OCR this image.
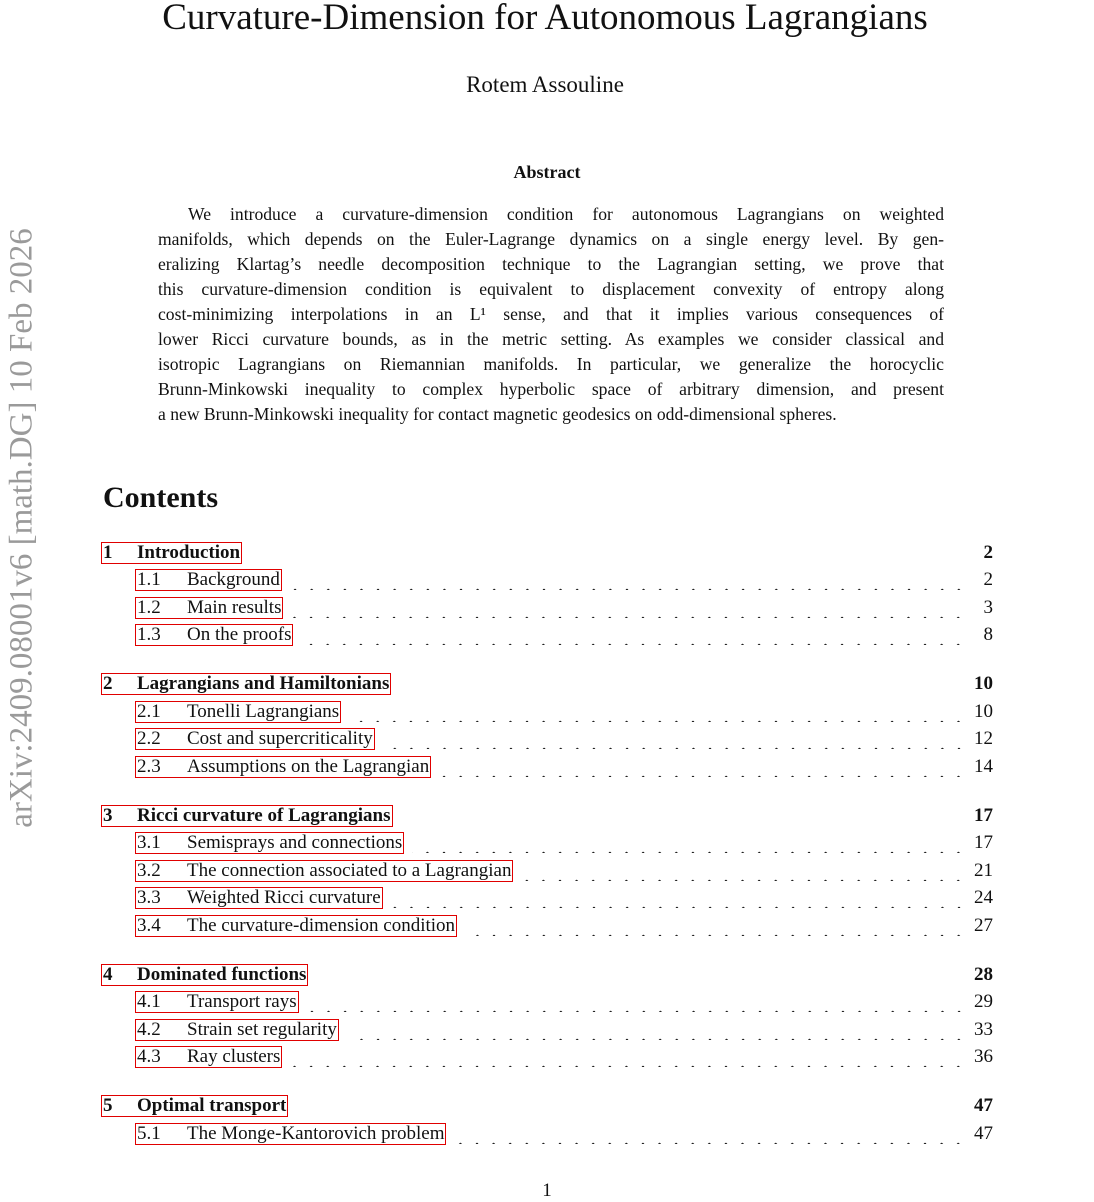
arXiv:2409.08001v6 [math.DG] 10 Feb 2026
Curvature-Dimension for Autonomous Lagrangians
Rotem Assouline
Abstract
We introduce a curvature-dimension condition for autonomous Lagrangians on weighted
manifolds, which depends on the Euler-Lagrange dynamics on a single energy level. By gen-
eralizing Klartag’s needle decomposition technique to the Lagrangian setting, we prove that
this curvature-dimension condition is equivalent to displacement convexity of entropy along
cost-minimizing interpolations in an L¹ sense, and that it implies various consequences of
lower Ricci curvature bounds, as in the metric setting. As examples we consider classical and
isotropic Lagrangians on Riemannian manifolds. In particular, we generalize the horocyclic
Brunn-Minkowski inequality to complex hyperbolic space of arbitrary dimension, and present
a new Brunn-Minkowski inequality for contact magnetic geodesics on odd-dimensional spheres.
Contents
1	Introduction	2
1.1	Background	2
1.2	Main results	3
1.3	On the proofs	8
2	Lagrangians and Hamiltonians	10
2.1	Tonelli Lagrangians	10
2.2	Cost and supercriticality	12
2.3	Assumptions on the Lagrangian	14
3	Ricci curvature of Lagrangians	17
3.1	Semisprays and connections	17
3.2	The connection associated to a Lagrangian	21
3.3	Weighted Ricci curvature	24
3.4	The curvature-dimension condition	27
4	Dominated functions	28
4.1	Transport rays	29
4.2	Strain set regularity	33
4.3	Ray clusters	36
5	Optimal transport	47
5.1	The Monge-Kantorovich problem	47
1
